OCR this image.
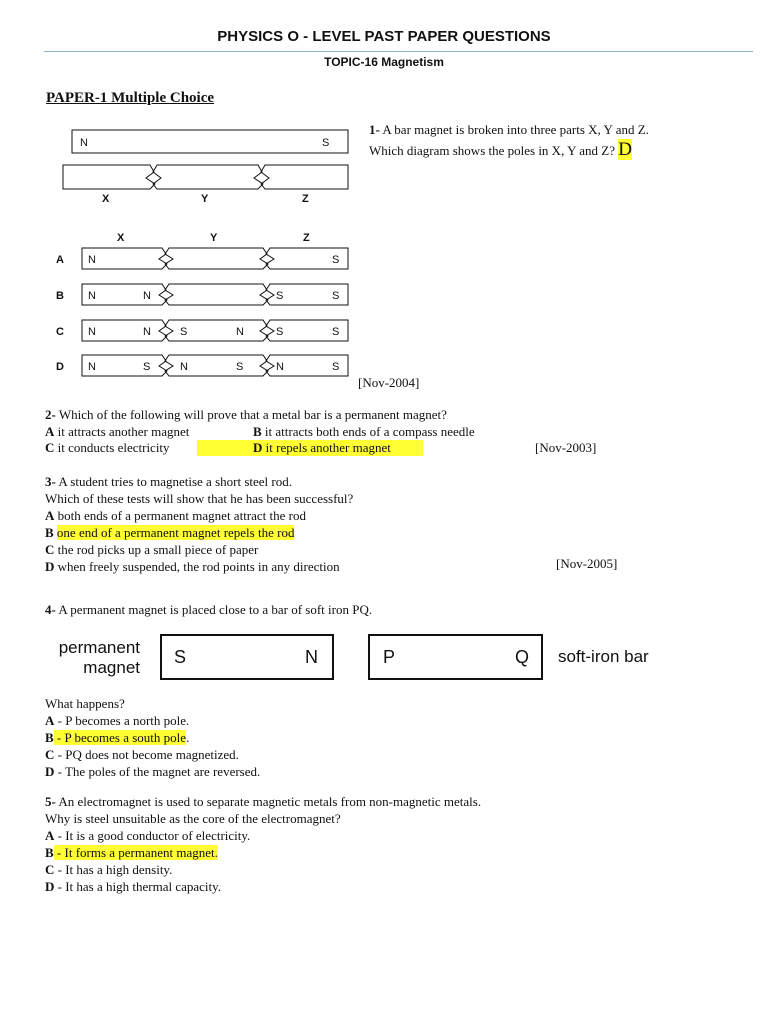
PHYSICS O - LEVEL PAST PAPER QUESTIONS
TOPIC-16 Magnetism
PAPER-1 Multiple Choice
N	S
X	Y	Z
X	Y	Z
A
B
C
D
N	S
N	N	S	S
N	N	S	N	S	S
N	S	N	S	N	S
1- A bar magnet is broken into three parts X, Y and Z.
Which diagram shows the poles in X, Y and Z? D
[Nov-2004]
2- Which of the following will prove that a metal bar is a permanent magnet?
A it attracts another magnet	B it attracts both ends of a compass needle
C it conducts electricity	D it repels another magnet	[Nov-2003]
3- A student tries to magnetise a short steel rod.
Which of these tests will show that he has been successful?
A both ends of a permanent magnet attract the rod
B one end of a permanent magnet repels the rod
C the rod picks up a small piece of paper
D when freely suspended, the rod points in any direction	[Nov-2005]
4- A permanent magnet is placed close to a bar of soft iron PQ.
permanent
magnet
S	N	P	Q soft-iron bar
What happens?
A - P becomes a north pole.
B - P becomes a south pole.
C - PQ does not become magnetized.
D - The poles of the magnet are reversed.
5- An electromagnet is used to separate magnetic metals from non-magnetic metals.
Why is steel unsuitable as the core of the electromagnet?
A - It is a good conductor of electricity.
B - It forms a permanent magnet.
C - It has a high density.
D - It has a high thermal capacity.
